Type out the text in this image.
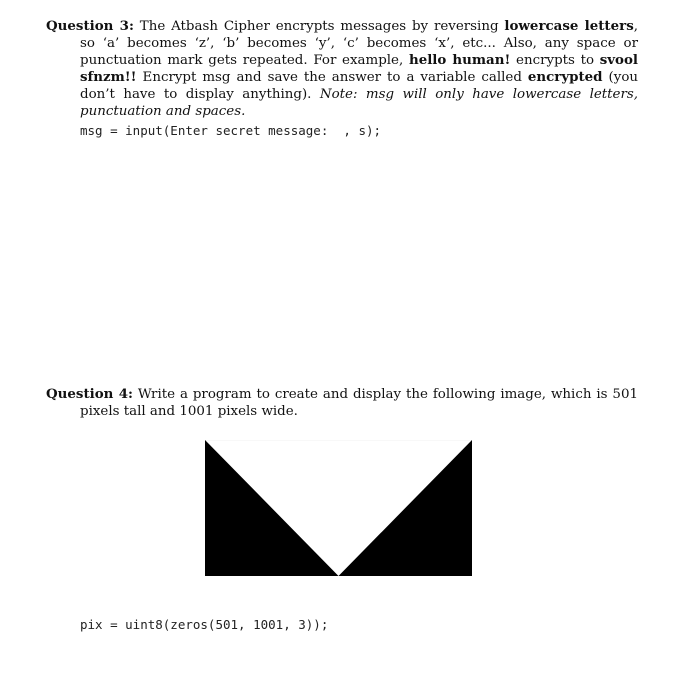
Question 3: The Atbash Cipher encrypts messages by reversing lowercase letters, so ‘a’ becomes ‘z’, ‘b’ becomes ‘y’, ‘c’ becomes ‘x’, etc... Also, any space or punctuation mark gets repeated. For example, hello human! encrypts to svool sfnzm!! Encrypt msg and save the answer to a variable called encrypted (you don’t have to display anything). Note: msg will only have lowercase letters, punctuation and spaces.
msg = input(Enter secret message:  , s);
Question 4: Write a program to create and display the following image, which is 501 pixels tall and 1001 pixels wide.
pix = uint8(zeros(501, 1001, 3));
